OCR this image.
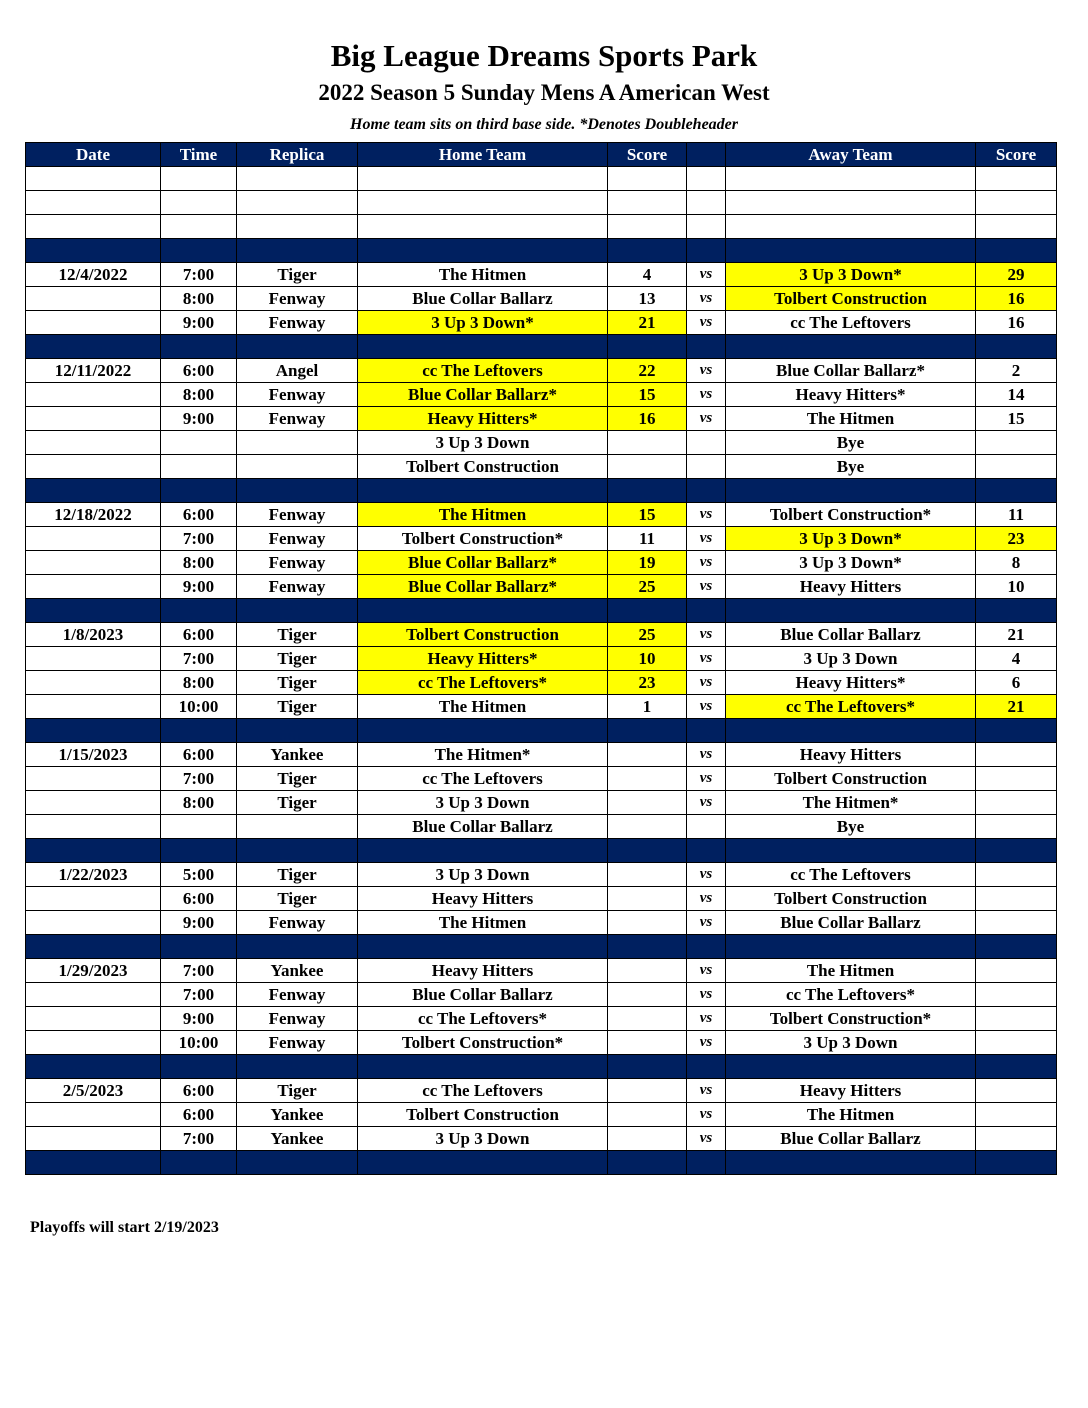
Big League Dreams Sports Park
2022 Season 5 Sunday Mens A American West
Home team sits on third base side. *Denotes Doubleheader
Date	Time	Replica	Home Team	Score		Away Team	Score

12/4/2022	7:00	Tiger	The Hitmen	4	vs	3 Up 3 Down*	29
	8:00	Fenway	Blue Collar Ballarz	13	vs	Tolbert Construction	16
	9:00	Fenway	3 Up 3 Down*	21	vs	cc The Leftovers	16

12/11/2022	6:00	Angel	cc The Leftovers	22	vs	Blue Collar Ballarz*	2
	8:00	Fenway	Blue Collar Ballarz*	15	vs	Heavy Hitters*	14
	9:00	Fenway	Heavy Hitters*	16	vs	The Hitmen	15
			3 Up 3 Down			Bye	
			Tolbert Construction			Bye	

12/18/2022	6:00	Fenway	The Hitmen	15	vs	Tolbert Construction*	11
	7:00	Fenway	Tolbert Construction*	11	vs	3 Up 3 Down*	23
	8:00	Fenway	Blue Collar Ballarz*	19	vs	3 Up 3 Down*	8
	9:00	Fenway	Blue Collar Ballarz*	25	vs	Heavy Hitters	10

1/8/2023	6:00	Tiger	Tolbert Construction	25	vs	Blue Collar Ballarz	21
	7:00	Tiger	Heavy Hitters*	10	vs	3 Up 3 Down	4
	8:00	Tiger	cc The Leftovers*	23	vs	Heavy Hitters*	6
	10:00	Tiger	The Hitmen	1	vs	cc The Leftovers*	21

1/15/2023	6:00	Yankee	The Hitmen*		vs	Heavy Hitters	
	7:00	Tiger	cc The Leftovers		vs	Tolbert Construction	
	8:00	Tiger	3 Up 3 Down		vs	The Hitmen*	
			Blue Collar Ballarz			Bye	

1/22/2023	5:00	Tiger	3 Up 3 Down		vs	cc The Leftovers	
	6:00	Tiger	Heavy Hitters		vs	Tolbert Construction	
	9:00	Fenway	The Hitmen		vs	Blue Collar Ballarz	

1/29/2023	7:00	Yankee	Heavy Hitters		vs	The Hitmen	
	7:00	Fenway	Blue Collar Ballarz		vs	cc The Leftovers*	
	9:00	Fenway	cc The Leftovers*		vs	Tolbert Construction*	
	10:00	Fenway	Tolbert Construction*		vs	3 Up 3 Down	

2/5/2023	6:00	Tiger	cc The Leftovers		vs	Heavy Hitters	
	6:00	Yankee	Tolbert Construction		vs	The Hitmen	
	7:00	Yankee	3 Up 3 Down		vs	Blue Collar Ballarz	

Playoffs will start 2/19/2023
